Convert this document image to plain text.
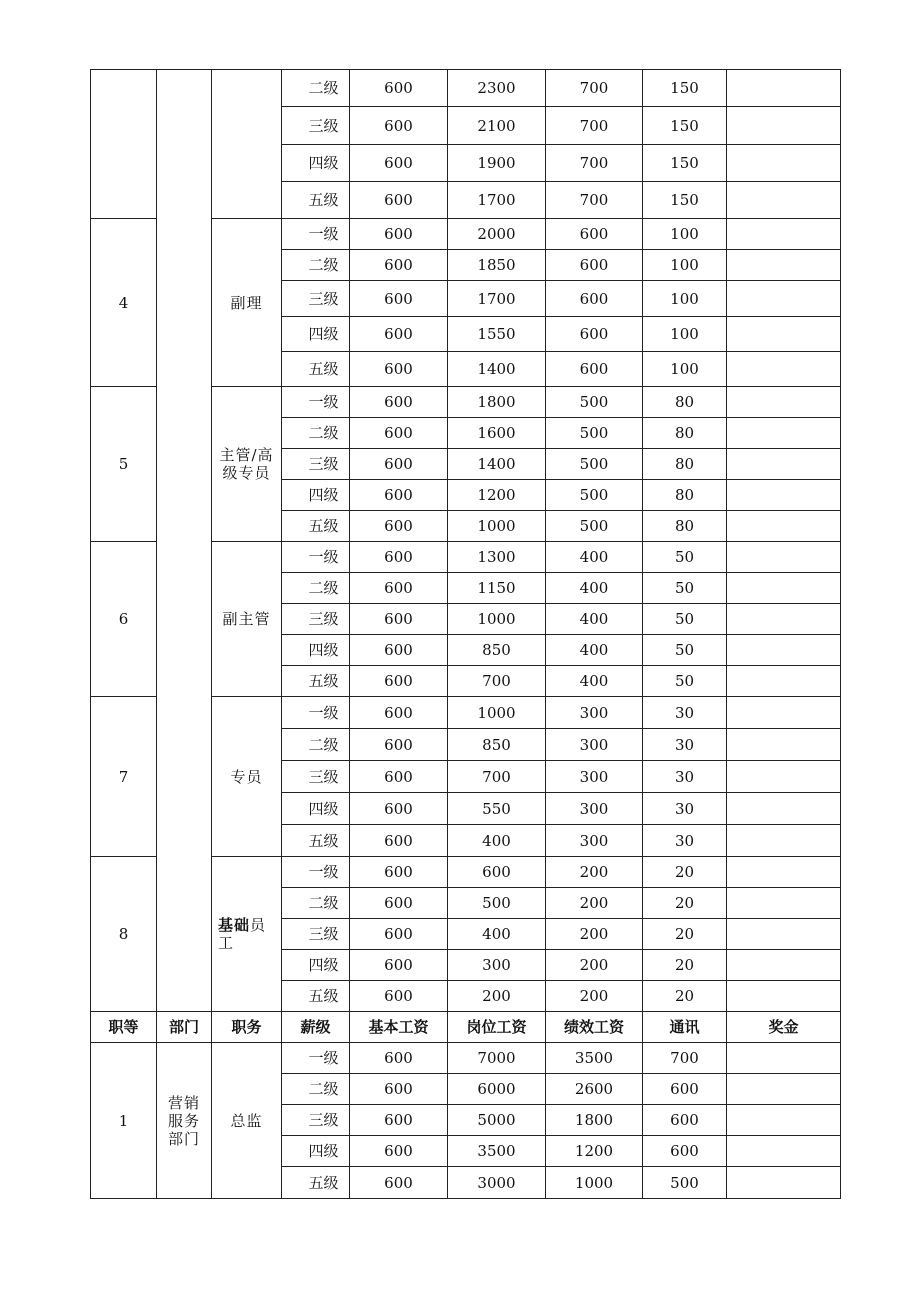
			二级	600	2300	700	150	
			三级	600	2100	700	150	
			四级	600	1900	700	150	
			五级	600	1700	700	150	
4		副理	一级	600	2000	600	100	
			二级	600	1850	600	100	
			三级	600	1700	600	100	
			四级	600	1550	600	100	
			五级	600	1400	600	100	
5		主管/高级专员	一级	600	1800	500	80	
			二级	600	1600	500	80	
			三级	600	1400	500	80	
			四级	600	1200	500	80	
			五级	600	1000	500	80	
6		副主管	一级	600	1300	400	50	
			二级	600	1150	400	50	
			三级	600	1000	400	50	
			四级	600	850	400	50	
			五级	600	700	400	50	
7		专员	一级	600	1000	300	30	
			二级	600	850	300	30	
			三级	600	700	300	30	
			四级	600	550	300	30	
			五级	600	400	300	30	
8		基础员工	一级	600	600	200	20	
			二级	600	500	200	20	
			三级	600	400	200	20	
			四级	600	300	200	20	
			五级	600	200	200	20	
职等	部门	职务	薪级	基本工资	岗位工资	绩效工资	通讯	奖金
1	营销服务部门	总监	一级	600	7000	3500	700	
			二级	600	6000	2600	600	
			三级	600	5000	1800	600	
			四级	600	3500	1200	600	
			五级	600	3000	1000	500	
